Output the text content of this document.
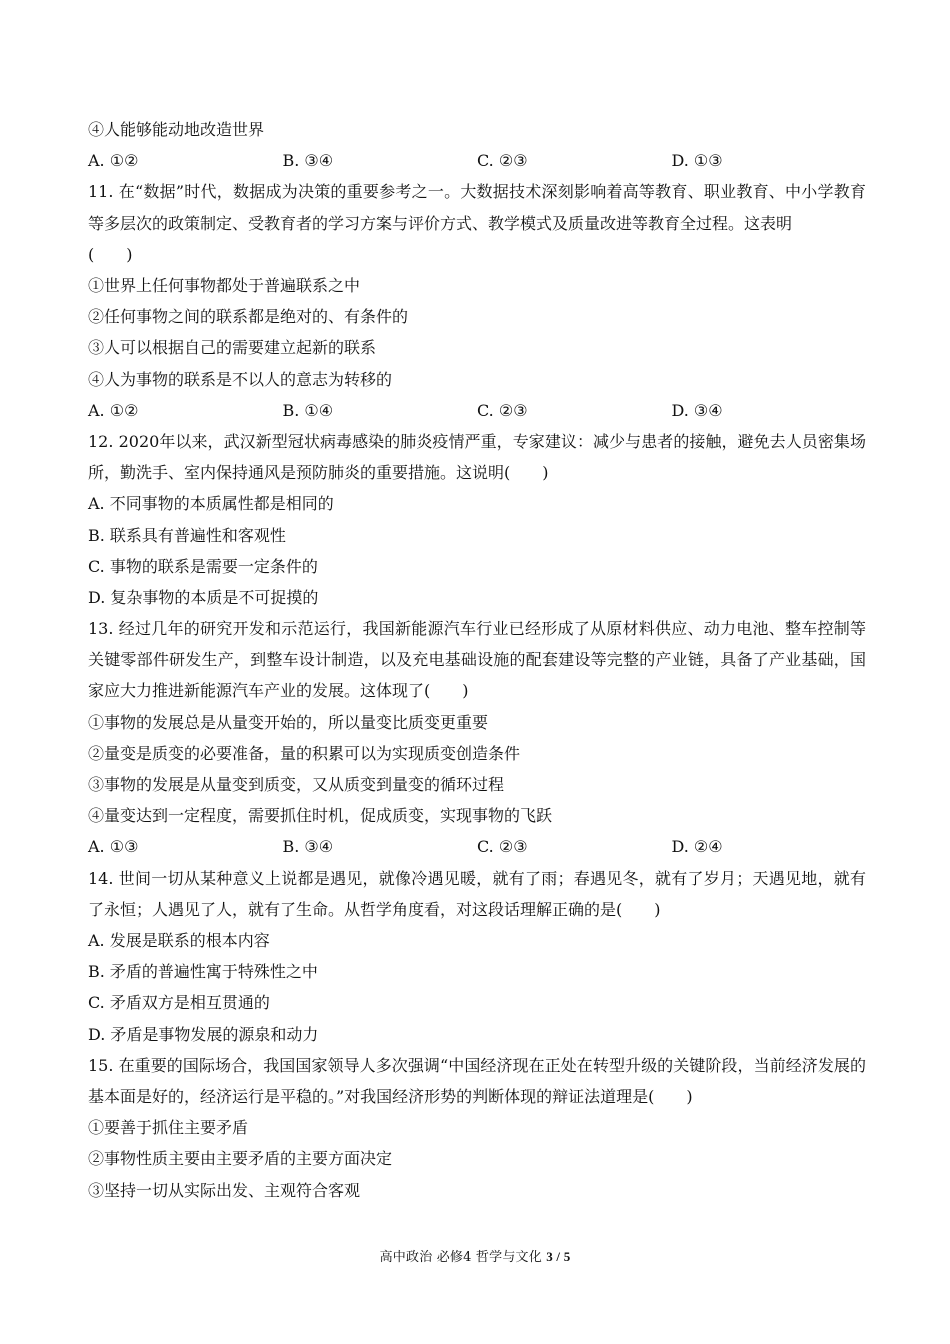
④人能够能动地改造世界
A. ①②	B. ③④	C. ②③	D. ①③
11. 在“数据”时代，数据成为决策的重要参考之一。大数据技术深刻影响着高等教育、职业教育、中小学教育等多层次的政策制定、受教育者的学习方案与评价方式、教学模式及质量改进等教育全过程。这表明
(　　)
①世界上任何事物都处于普遍联系之中
②任何事物之间的联系都是绝对的、有条件的
③人可以根据自己的需要建立起新的联系
④人为事物的联系是不以人的意志为转移的
A. ①②	B. ①④	C. ②③	D. ③④
12. 2020年以来，武汉新型冠状病毒感染的肺炎疫情严重，专家建议：减少与患者的接触，避免去人员密集场所，勤洗手、室内保持通风是预防肺炎的重要措施。这说明(　　)
A. 不同事物的本质属性都是相同的
B. 联系具有普遍性和客观性
C. 事物的联系是需要一定条件的
D. 复杂事物的本质是不可捉摸的
13. 经过几年的研究开发和示范运行，我国新能源汽车行业已经形成了从原材料供应、动力电池、整车控制等关键零部件研发生产，到整车设计制造，以及充电基础设施的配套建设等完整的产业链，具备了产业基础，国家应大力推进新能源汽车产业的发展。这体现了(　　)
①事物的发展总是从量变开始的，所以量变比质变更重要
②量变是质变的必要准备，量的积累可以为实现质变创造条件
③事物的发展是从量变到质变，又从质变到量变的循环过程
④量变达到一定程度，需要抓住时机，促成质变，实现事物的飞跃
A. ①③	B. ③④	C. ②③	D. ②④
14. 世间一切从某种意义上说都是遇见，就像冷遇见暖，就有了雨；春遇见冬，就有了岁月；天遇见地，就有了永恒；人遇见了人，就有了生命。从哲学角度看，对这段话理解正确的是(　　)
A. 发展是联系的根本内容
B. 矛盾的普遍性寓于特殊性之中
C. 矛盾双方是相互贯通的
D. 矛盾是事物发展的源泉和动力
15. 在重要的国际场合，我国国家领导人多次强调“中国经济现在正处在转型升级的关键阶段，当前经济发展的基本面是好的，经济运行是平稳的。”对我国经济形势的判断体现的辩证法道理是(　　)
①要善于抓住主要矛盾
②事物性质主要由主要矛盾的主要方面决定
③坚持一切从实际出发、主观符合客观
高中政治 必修4 哲学与文化 3 / 5
